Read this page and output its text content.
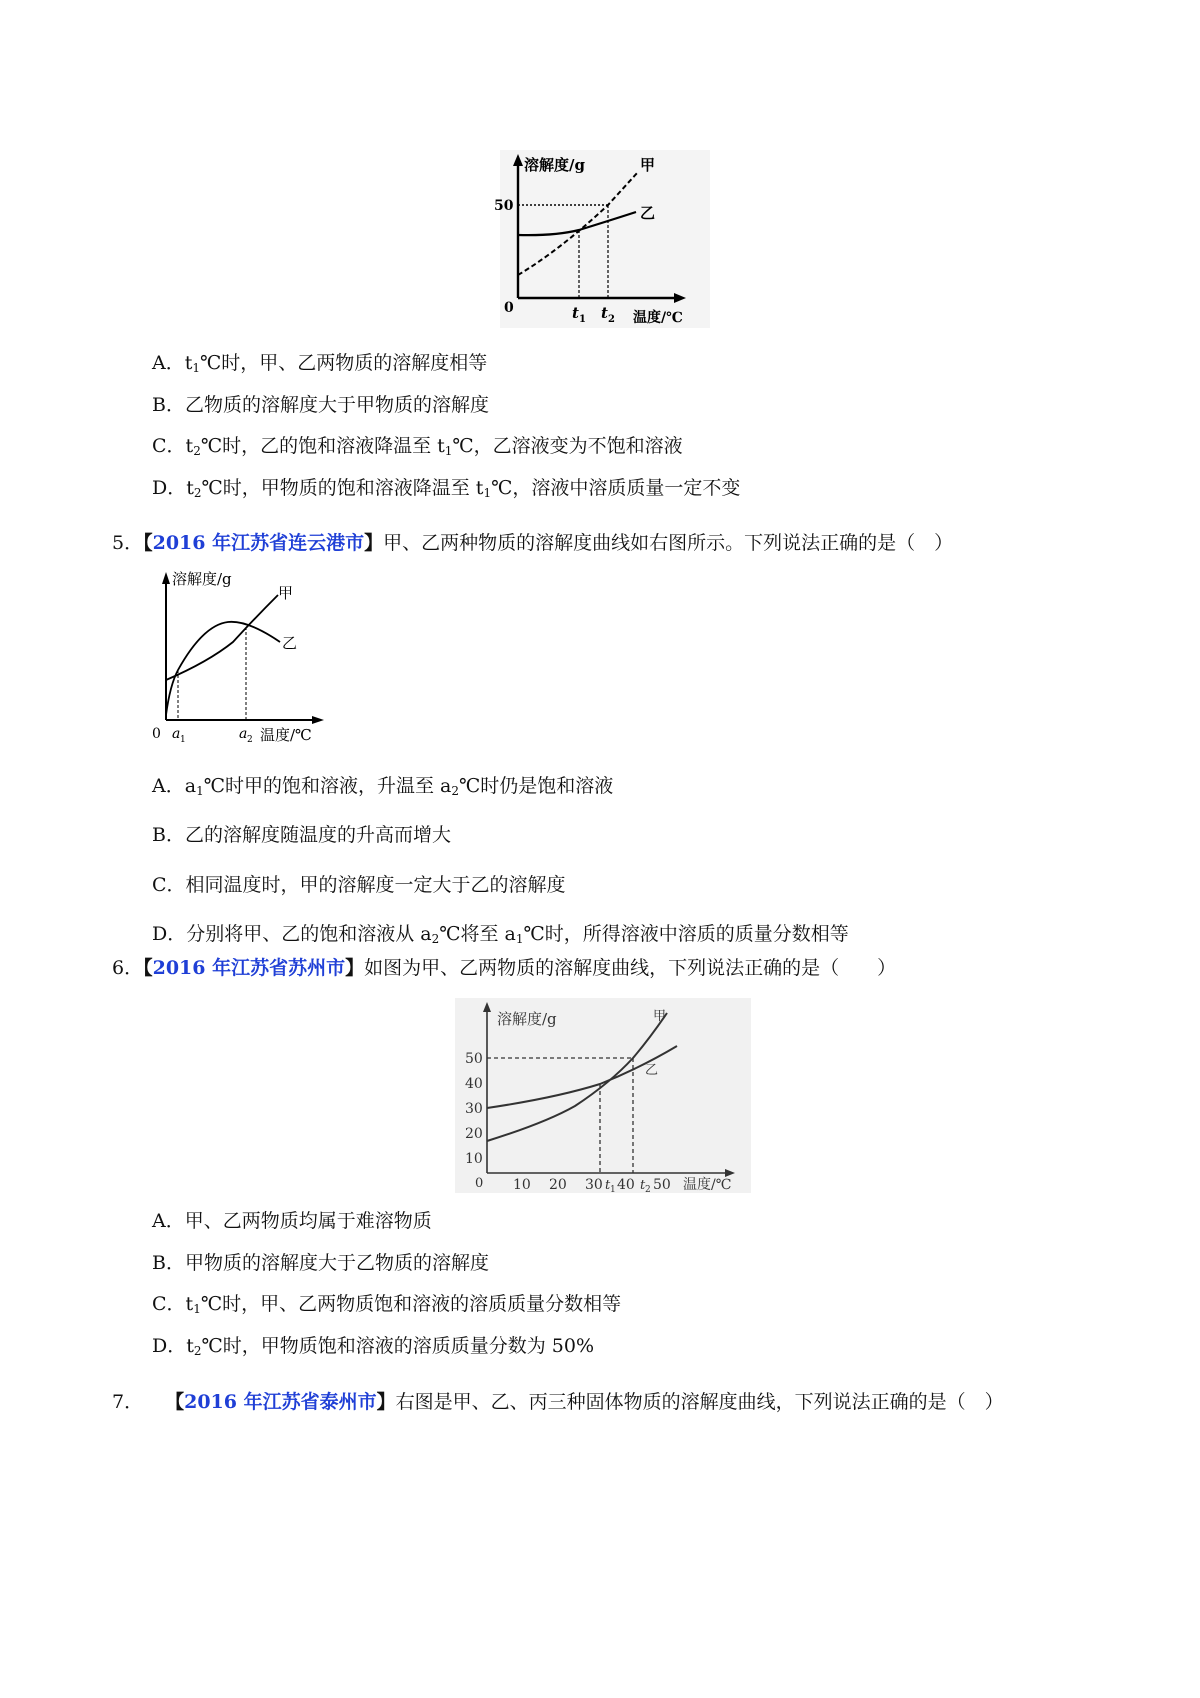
溶解度/g
0
50
甲
乙
t 1 t 2 温度/℃
A．$t_1℃$时，甲、乙两物质的溶解度相等
B．乙物质的溶解度大于甲物质的溶解度
C．$t_2℃$时，乙的饱和溶液降温至 $t_1℃$，乙溶液变为不饱和溶液
D．$t_2℃$时，甲物质的饱和溶液降温至 $t_1℃$，溶液中溶质质量一定不变
5．【2016 年江苏省连云港市】甲、乙两种物质的溶解度曲线如右图所示。下列说法正确的是（　）
溶解度/g
0
甲
乙
a 1	a 2 温度/℃
A．$a_1℃$时甲的饱和溶液，升温至 $a_2℃$时仍是饱和溶液
B．乙的溶解度随温度的升高而增大
C．相同温度时，甲的溶解度一定大于乙的溶解度
D．分别将甲、乙的饱和溶液从 $a_2℃$将至 $a_1℃$时，所得溶液中溶质的质量分数相等
6．【2016 年江苏省苏州市】如图为甲、乙两物质的溶解度曲线，下列说法正确的是（　　）
溶解度/g
0
50
40
30
20
10
10 20 30 t 1 40 t 2 50 温度/℃
甲
乙
A．甲、乙两物质均属于难溶物质
B．甲物质的溶解度大于乙物质的溶解度
C．$t_1℃$时，甲、乙两物质饱和溶液的溶质质量分数相等
D．$t_2℃$时，甲物质饱和溶液的溶质质量分数为 50%
7． 【2016 年江苏省泰州市】右图是甲、乙、丙三种固体物质的溶解度曲线，下列说法正确的是（　）
